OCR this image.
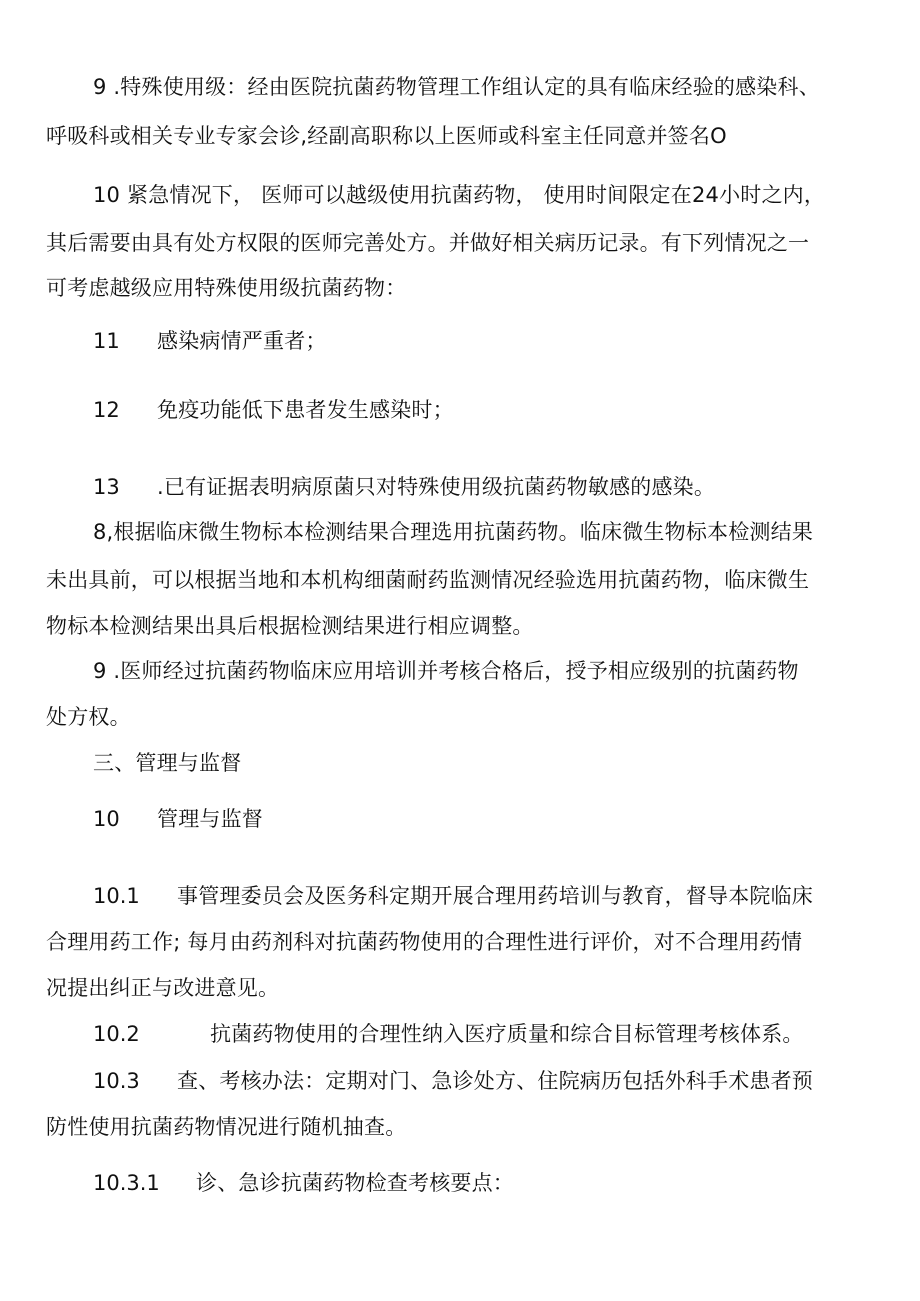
9 .特殊使用级：经由医院抗菌药物管理工作组认定的具有临床经验的感染科、
呼吸科或相关专业专家会诊,经副高职称以上医师或科室主任同意并签名O
10 紧急情况下， 医师可以越级使用抗菌药物， 使用时间限定在24小时之内，
其后需要由具有处方权限的医师完善处方。并做好相关病历记录。有下列情况之一
可考虑越级应用特殊使用级抗菌药物：
11 感染病情严重者；
12 免疫功能低下患者发生感染时；
13 .已有证据表明病原菌只对特殊使用级抗菌药物敏感的感染。
8,根据临床微生物标本检测结果合理选用抗菌药物。临床微生物标本检测结果
未出具前，可以根据当地和本机构细菌耐药监测情况经验选用抗菌药物，临床微生
物标本检测结果出具后根据检测结果进行相应调整。
9 .医师经过抗菌药物临床应用培训并考核合格后，授予相应级别的抗菌药物
处方权。
三、管理与监督
10 管理与监督
10.1 事管理委员会及医务科定期开展合理用药培训与教育，督导本院临床
合理用药工作; 每月由药剂科对抗菌药物使用的合理性进行评价，对不合理用药情
况提出纠正与改进意见。
10.2	抗菌药物使用的合理性纳入医疗质量和综合目标管理考核体系。
10.3 查、考核办法：定期对门、急诊处方、住院病历包括外科手术患者预
防性使用抗菌药物情况进行随机抽查。
10.3.1 诊、急诊抗菌药物检查考核要点：
